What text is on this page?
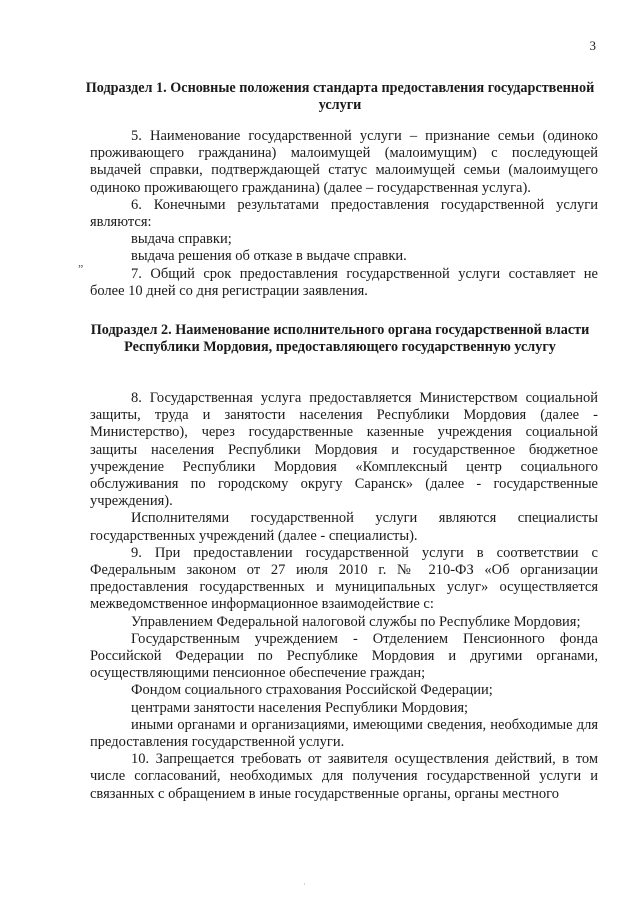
3
Подраздел 1. Основные положения стандарта предоставления государственной услуги

5. Наименование государственной услуги – признание семьи (одиноко проживающего гражданина) малоимущей (малоимущим) с последующей выдачей справки, подтверждающей статус малоимущей семьи (малоимущего одиноко проживающего гражданина) (далее – государственная услуга).

6. Конечными результатами предоставления государственной услуги являются:

выдача справки;

выдача решения об отказе в выдаче справки.

7. Общий срок предоставления государственной услуги составляет не более 10 дней со дня регистрации заявления.

„
Подраздел 2. Наименование исполнительного органа государственной власти Республики Мордовия, предоставляющего государственную услугу

8. Государственная услуга предоставляется Министерством социальной защиты, труда и занятости населения Республики Мордовия (далее - Министерство), через государственные казенные учреждения социальной защиты населения Республики Мордовия и государственное бюджетное учреждение Республики Мордовия «Комплексный центр социального обслуживания по городскому округу Саранск» (далее - государственные учреждения).

Исполнителями государственной услуги являются специалисты государственных учреждений (далее - специалисты).

9. При предоставлении государственной услуги в соответствии с Федеральным законом от 27 июля 2010 г. № 210-ФЗ «Об организации предоставления государственных и муниципальных услуг» осуществляется межведомственное информационное взаимодействие с:

Управлением Федеральной налоговой службы по Республике Мордовия;

Государственным учреждением - Отделением Пенсионного фонда Российской Федерации по Республике Мордовия и другими органами, осуществляющими пенсионное обеспечение граждан;

Фондом социального страхования Российской Федерации;

центрами занятости населения Республики Мордовия;

иными органами и организациями, имеющими сведения, необходимые для предоставления государственной услуги.

10. Запрещается требовать от заявителя осуществления действий, в том числе согласований, необходимых для получения государственной услуги и связанных с обращением в иные государственные органы, органы местного

·
